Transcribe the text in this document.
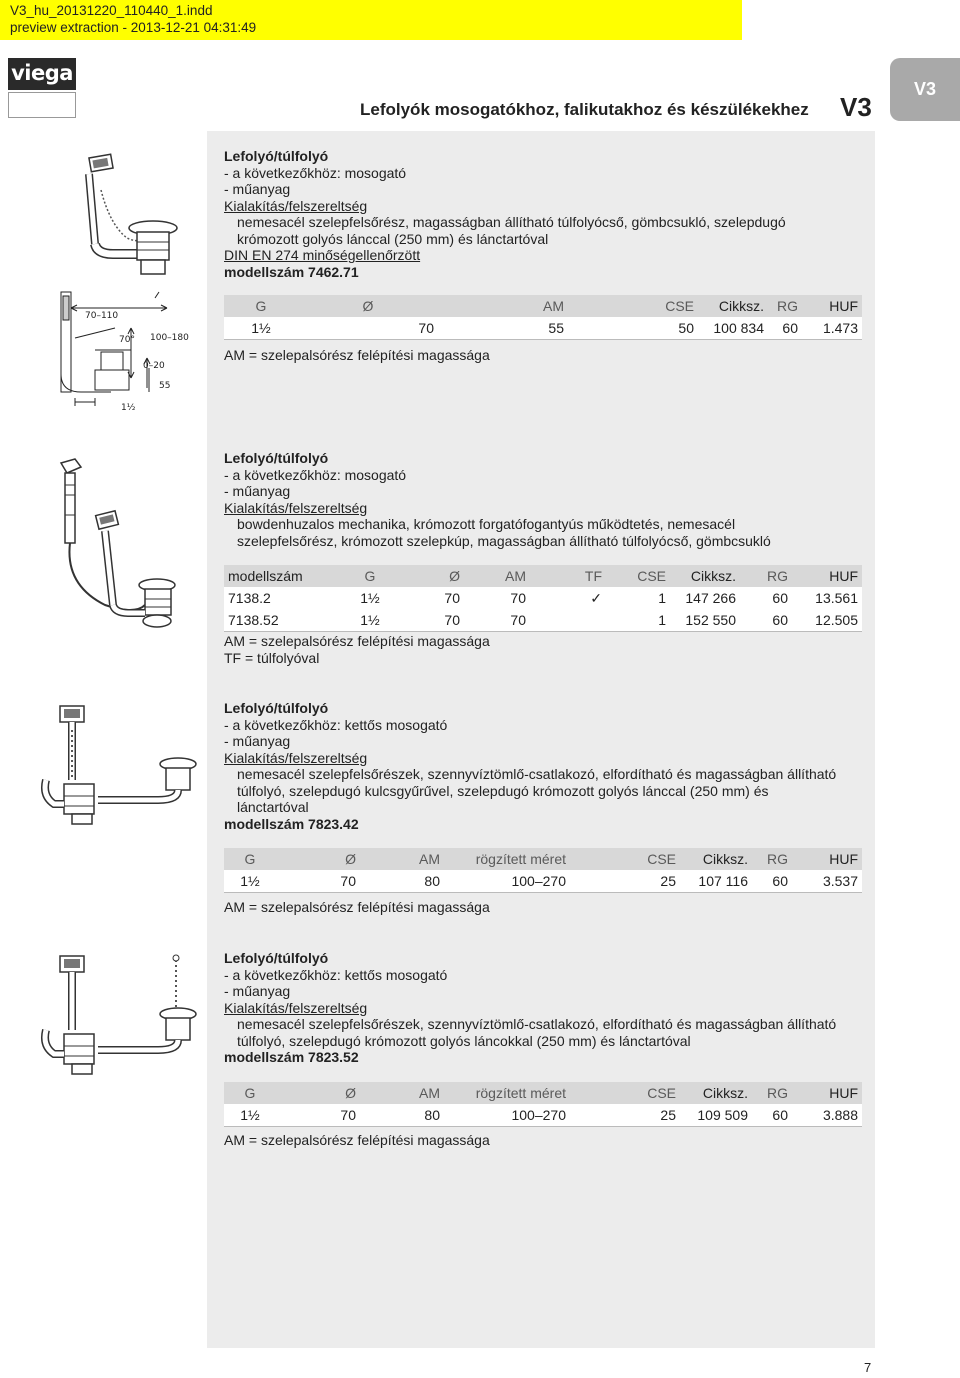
V3_hu_20131220_110440_1.indd
preview extraction - 2013-12-21 04:31:49
viega
Lefolyók mosogatókhoz, falikutakhoz és készülékekhez V3
V3
Lefolyó/túlfolyó
- a következőkhöz: mosogató
- műanyag
Kialakítás/felszereltség
nemesacél szelepfelsőrész, magasságban állítható túlfolyócső, gömbcsukló, szelepdugó
krómozott golyós lánccal (250 mm) és lánctartóval
DIN EN 274 minőségellenőrzött
modellszám 7462.71
70–110
70° 100–180
0–20
55
1½
G	Ø	AM	CSE	Cikksz.	RG	HUF
1½	70	55	50	100 834	60	1.473
AM = szelepalsórész felépítési magassága
Lefolyó/túlfolyó
- a következőkhöz: mosogató
- műanyag
Kialakítás/felszereltség
bowdenhuzalos mechanika, krómozott forgatófogantyús működtetés, nemesacél
szelepfelsőrész, krómozott szelepkúp, magasságban állítható túlfolyócső, gömbcsukló
modellszám	G	Ø	AM	TF	CSE	Cikksz.	RG	HUF
7138.2	1½	70	70	✓	1	147 266	60	13.561
7138.52	1½	70	70		1	152 550	60	12.505
AM = szelepalsórész felépítési magassága
TF = túlfolyóval
Lefolyó/túlfolyó
- a következőkhöz: kettős mosogató
- műanyag
Kialakítás/felszereltség
nemesacél szelepfelsőrészek, szennyvíztömlő-csatlakozó, elfordítható és magasságban állítható
túlfolyó, szelepdugó kulcsgyűrűvel, szelepdugó krómozott golyós lánccal (250 mm) és
lánctartóval
modellszám 7823.42
G	Ø	AM	rögzített méret	CSE	Cikksz.	RG	HUF
1½	70	80	100–270	25	107 116	60	3.537
AM = szelepalsórész felépítési magassága
Lefolyó/túlfolyó
- a következőkhöz: kettős mosogató
- műanyag
Kialakítás/felszereltség
nemesacél szelepfelsőrészek, szennyvíztömlő-csatlakozó, elfordítható és magasságban állítható
túlfolyó, szelepdugó krómozott golyós láncokkal (250 mm) és lánctartóval
modellszám 7823.52
G	Ø	AM	rögzített méret	CSE	Cikksz.	RG	HUF
1½	70	80	100–270	25	109 509	60	3.888
AM = szelepalsórész felépítési magassága
7
